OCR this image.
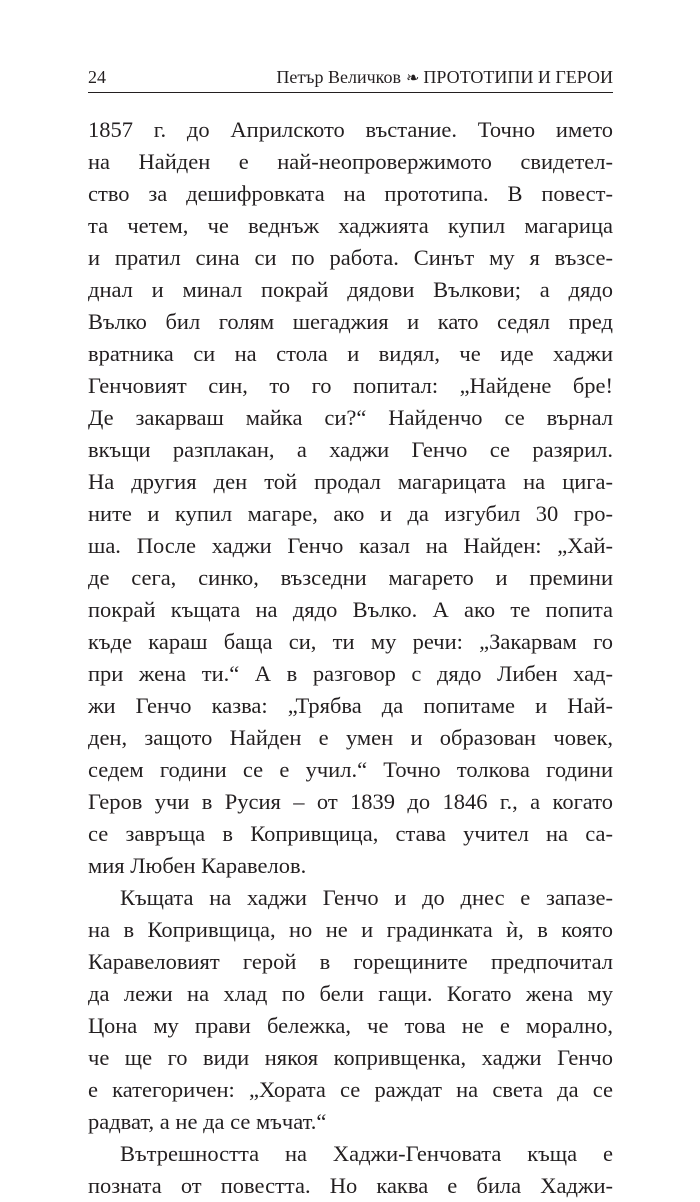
24	Петър Величков ❧ ПРОТОТИПИ И ГЕРОИ
1857 г. до Априлското въстание. Точно името
на Найден е най-неопровержимото свидетел-
ство за дешифровката на прототипа. В повест-
та четем, че веднъж хаджията купил магарица
и пратил сина си по работа. Синът му я възсе-
днал и минал покрай дядови Вълкови; а дядо
Вълко бил голям шегаджия и като седял пред
вратника си на стола и видял, че иде хаджи
Генчовият син, то го попитал: „Найдене бре!
Де закарваш майка си?“ Найденчо се върнал
вкъщи разплакан, а хаджи Генчо се разярил.
На другия ден той продал магарицата на цига-
ните и купил магаре, ако и да изгубил 30 гро-
ша. После хаджи Генчо казал на Найден: „Хай-
де сега, синко, възседни магарето и премини
покрай къщата на дядо Вълко. А ако те попита
къде караш баща си, ти му речи: „Закарвам го
при жена ти.“ А в разговор с дядо Либен хад-
жи Генчо казва: „Трябва да попитаме и Най-
ден, защото Найден е умен и образован човек,
седем години се е учил.“ Точно толкова години
Геров учи в Русия – от 1839 до 1846 г., а когато
се завръща в Копривщица, става учител на са-
мия Любен Каравелов.
Къщата на хаджи Генчо и до днес е запазе-
на в Копривщица, но не и градинката ѝ, в която
Каравеловият герой в горещините предпочитал
да лежи на хлад по бели гащи. Когато жена му
Цона му прави бележка, че това не е морално,
че ще го види някоя копривщенка, хаджи Генчо
е категоричен: „Хората се раждат на света да се
радват, а не да се мъчат.“
Вътрешността на Хаджи-Генчовата къща е
позната от повестта. Но каква е била Хаджи-
